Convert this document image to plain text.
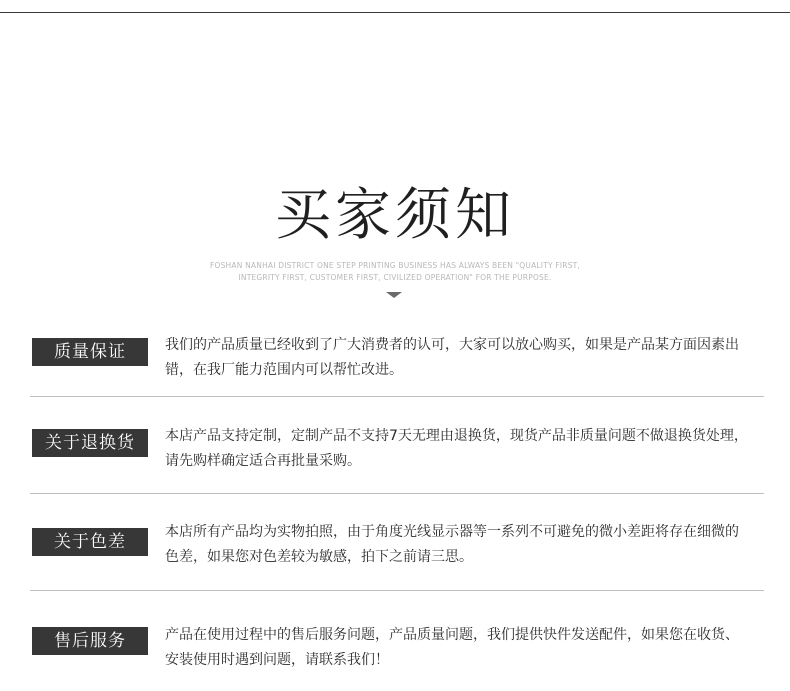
买家须知
FOSHAN NANHAI DISTRICT ONE STEP PRINTING BUSINESS HAS ALWAYS BEEN "QUALITY FIRST,
INTEGRITY FIRST, CUSTOMER FIRST, CIVILIZED OPERATION" FOR THE PURPOSE.
质量保证	我们的产品质量已经收到了广大消费者的认可，大家可以放心购买，如果是产品某方面因素出错，在我厂能力范围内可以帮忙改进。
关于退换货	本店产品支持定制，定制产品不支持7天无理由退换货，现货产品非质量问题不做退换货处理，请先购样确定适合再批量采购。
关于色差	本店所有产品均为实物拍照，由于角度光线显示器等一系列不可避免的微小差距将存在细微的色差，如果您对色差较为敏感，拍下之前请三思。
售后服务	产品在使用过程中的售后服务问题，产品质量问题，我们提供快件发送配件，如果您在收货、安装使用时遇到问题，请联系我们！
